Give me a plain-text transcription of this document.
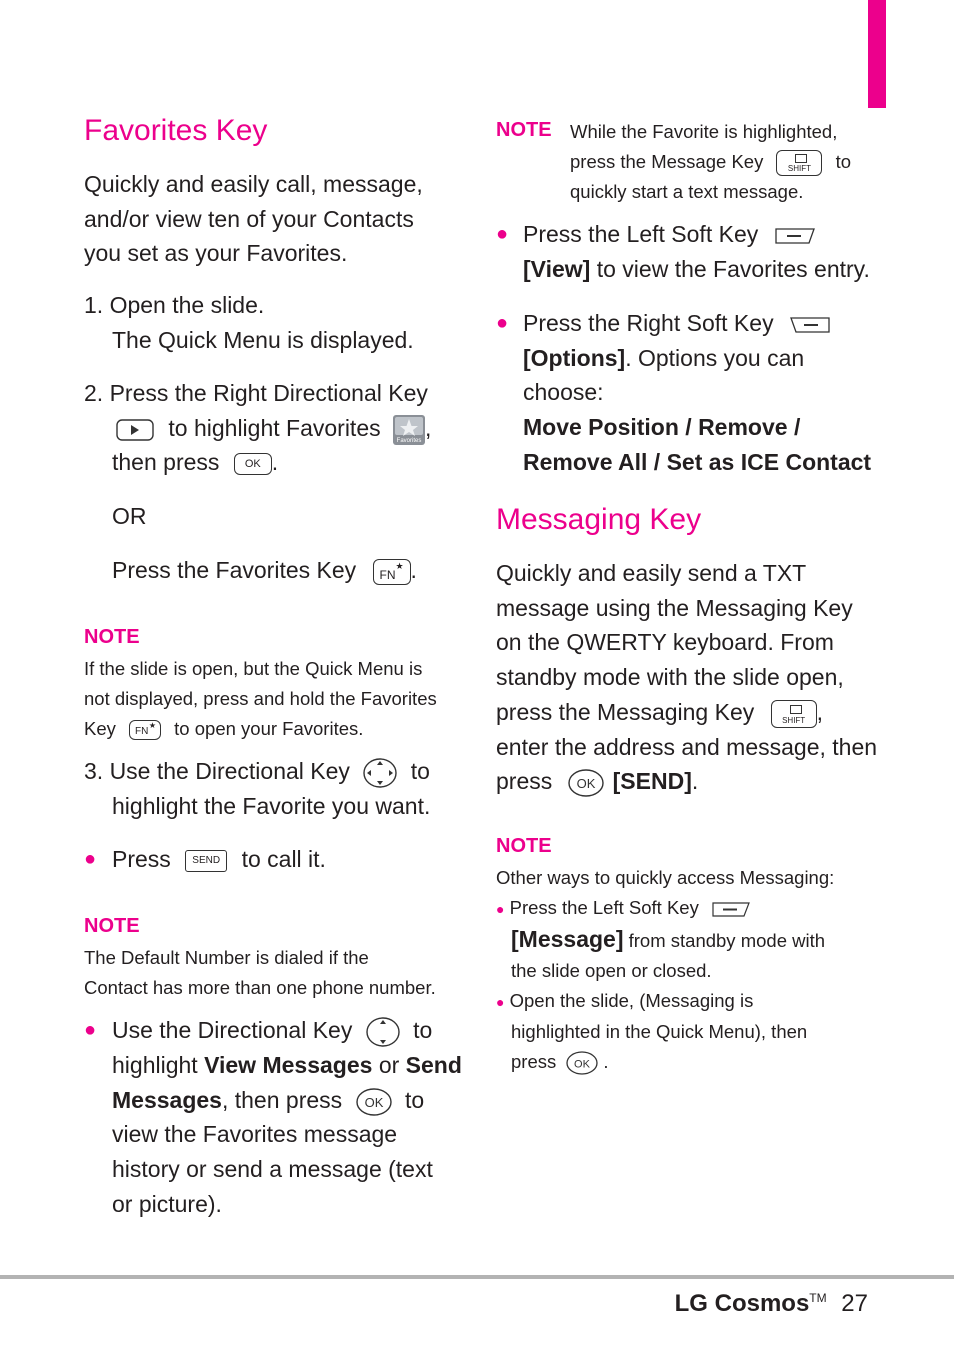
Favorites Key
Quickly and easily call, message,
and/or view ten of your Contacts
you set as your Favorites.
1. Open the slide.
The Quick Menu is displayed.
2. Press the Right Directional Key
to highlight Favorites	Favorites ,
then press OK .
OR
Press the Favorites Key FN
★ .
NOTE
If the slide is open, but the Quick Menu is
not displayed, press and hold the Favorites
Key FN
★ to open your Favorites.
3. Use the Directional Key	to
highlight the Favorite you want.
● Press SEND to call it.
NOTE
The Default Number is dialed if the
Contact has more than one phone number.
● Use the Directional Key	to
highlight View Messages or Send
Messages, then press OK to
view the Favorites message
history or send a message (text
or picture).
NOTE While the Favorite is highlighted,
press the Message Key	SHIFT	to
quickly start a text message.
● Press the Left Soft Key
[View] to view the Favorites entry.
● Press the Right Soft Key
[Options]. Options you can
choose:
Move Position / Remove /
Remove All / Set as ICE Contact
Messaging Key
Quickly and easily send a TXT
message using the Messaging Key
on the QWERTY keyboard. From
standby mode with the slide open,
press the Messaging Key	SHIFT ,
enter the address and message, then
press OK [SEND].
NOTE
Other ways to quickly access Messaging:
● Press the Left Soft Key
[Message] from standby mode with
the slide open or closed.
● Open the slide, (Messaging is
highlighted in the Quick Menu), then
press OK .
LG Cosmos™ 27
